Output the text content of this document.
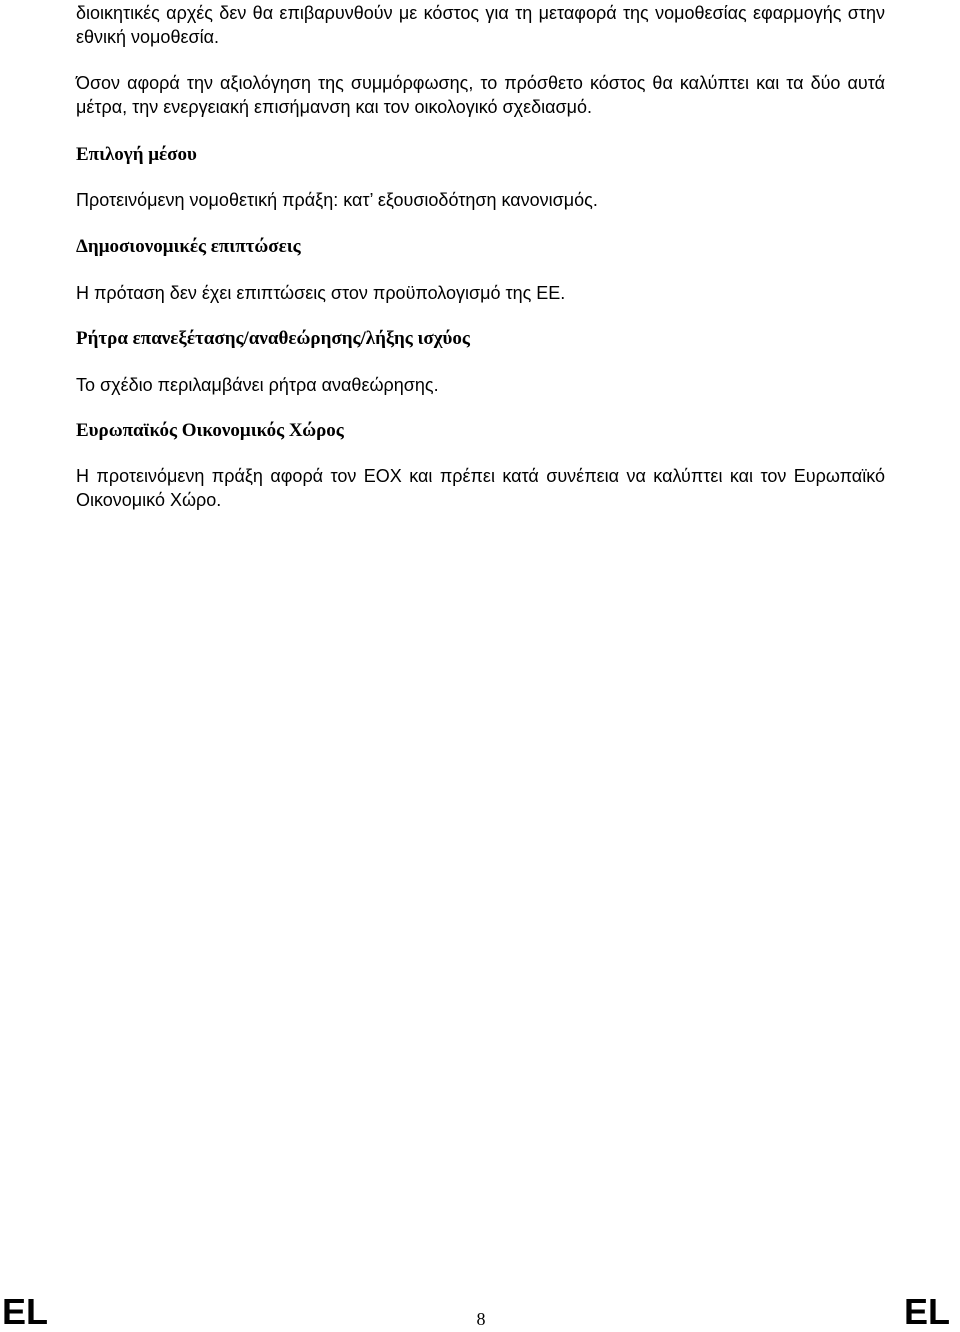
διοικητικές αρχές δεν θα επιβαρυνθούν με κόστος για τη μεταφορά της νομοθεσίας εφαρμογής στην εθνική νομοθεσία.
Όσον αφορά την αξιολόγηση της συμμόρφωσης, το πρόσθετο κόστος θα καλύπτει και τα δύο αυτά μέτρα, την ενεργειακή επισήμανση και τον οικολογικό σχεδιασμό.
Επιλογή μέσου
Προτεινόμενη νομοθετική πράξη: κατ’ εξουσιοδότηση κανονισμός.
Δημοσιονομικές επιπτώσεις
Η πρόταση δεν έχει επιπτώσεις στον προϋπολογισμό της ΕΕ.
Ρήτρα επανεξέτασης/αναθεώρησης/λήξης ισχύος
Το σχέδιο περιλαμβάνει ρήτρα αναθεώρησης.
Ευρωπαϊκός Οικονομικός Χώρος
Η προτεινόμενη πράξη αφορά τον ΕΟΧ και πρέπει κατά συνέπεια να καλύπτει και τον Ευρωπαϊκό Οικονομικό Χώρο.
EL	8	EL
